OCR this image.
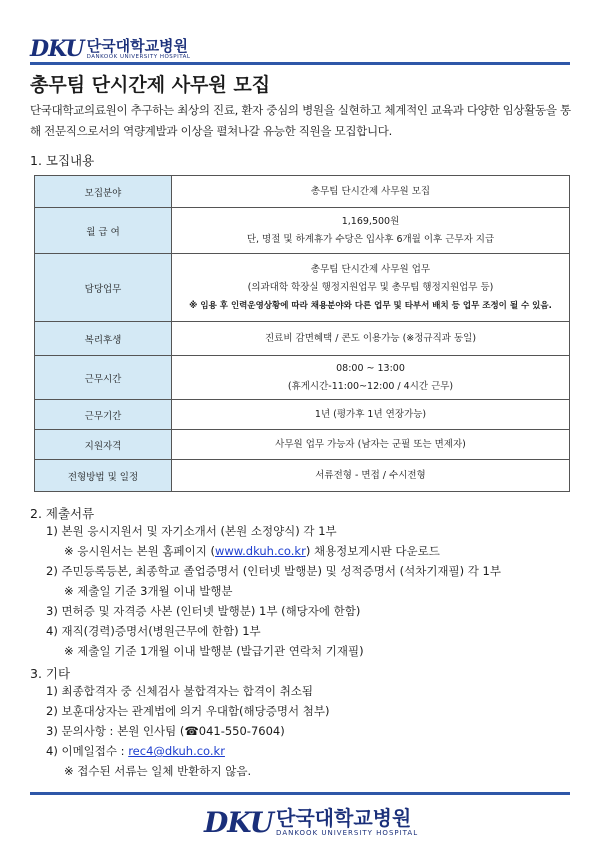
DKU 단국대학교병원
DANKOOK UNIVERSITY HOSPITAL
총무팀 단시간제 사무원 모집

단국대학교의료원이 추구하는 최상의 진료, 환자 중심의 병원을 실현하고 체계적인 교육과 다양한 임상활동을 통해 전문직으로서의 역량계발과 이상을 펼쳐나갈 유능한 직원을 모집합니다.

1. 모집내용
모집분야	총무팀 단시간제 사무원 모집

월 급 여	1,169,500원
단, 명절 및 하계휴가 수당은 입사후 6개월 이후 근무자 지급

담당업무	총무팀 단시간제 사무원 업무
(의과대학 학장실 행정지원업무 및 총무팀 행정지원업무 등)
※ 임용 후 인력운영상황에 따라 채용분야와 다른 업무 및 타부서 배치 등 업무 조정이 될 수 있음.

복리후생	진료비 감면혜택 / 콘도 이용가능 (※정규직과 동일)

근무시간	08:00 ~ 13:00
(휴게시간-11:00~12:00 / 4시간 근무)

근무기간	1년 (평가후 1년 연장가능)

지원자격	사무원 업무 가능자 (남자는 군필 또는 면제자)

전형방법 및 일정	서류전형 - 면접 / 수시전형
2. 제출서류
1) 본원 응시지원서 및 자기소개서 (본원 소정양식) 각 1부
※ 응시원서는 본원 홈페이지 (www.dkuh.co.kr) 채용정보게시판 다운로드
2) 주민등록등본, 최종학교 졸업증명서 (인터넷 발행분) 및 성적증명서 (석차기재필) 각 1부
※ 제출일 기준 3개월 이내 발행분
3) 면허증 및 자격증 사본 (인터넷 발행분) 1부 (해당자에 한함)
4) 재직(경력)증명서(병원근무에 한함) 1부
※ 제출일 기준 1개월 이내 발행분 (발급기관 연락처 기재필)
3. 기타
1) 최종합격자 중 신체검사 불합격자는 합격이 취소됨
2) 보훈대상자는 관계법에 의거 우대함(해당증명서 첨부)
3) 문의사항 : 본원 인사팀 (☎041-550-7604)
4) 이메일접수 : rec4@dkuh.co.kr
※ 접수된 서류는 일체 반환하지 않음.
DKU 단국대학교병원
DANKOOK UNIVERSITY HOSPITAL
